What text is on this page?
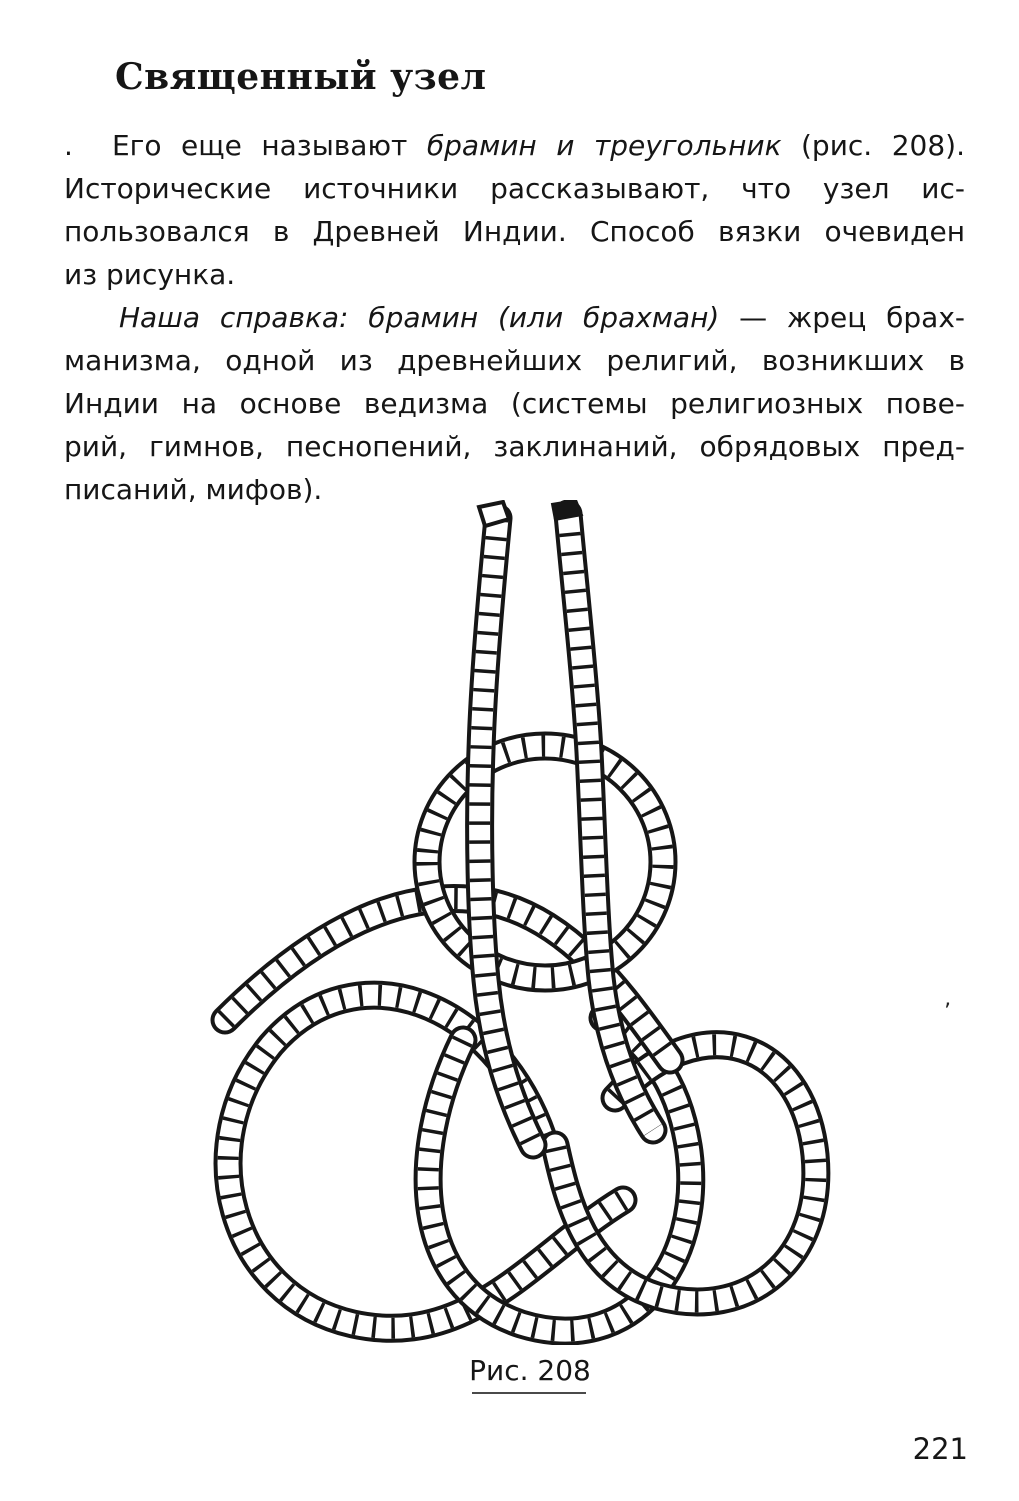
Священный узел
.  Его еще называют брамин и треугольник (рис. 208).
Исторические источники рассказывают, что узел ис-
пользовался в Древней Индии. Способ вязки очевиден
из рисунка.
Наша справка: брамин (или брахман) — жрец брах-
манизма, одной из древнейших религий, возникших в
Индии на основе ведизма (системы религиозных пове-
рий, гимнов, песнопений, заклинаний, обрядовых пред-
писаний, мифов).
Рис. 208
’
221
